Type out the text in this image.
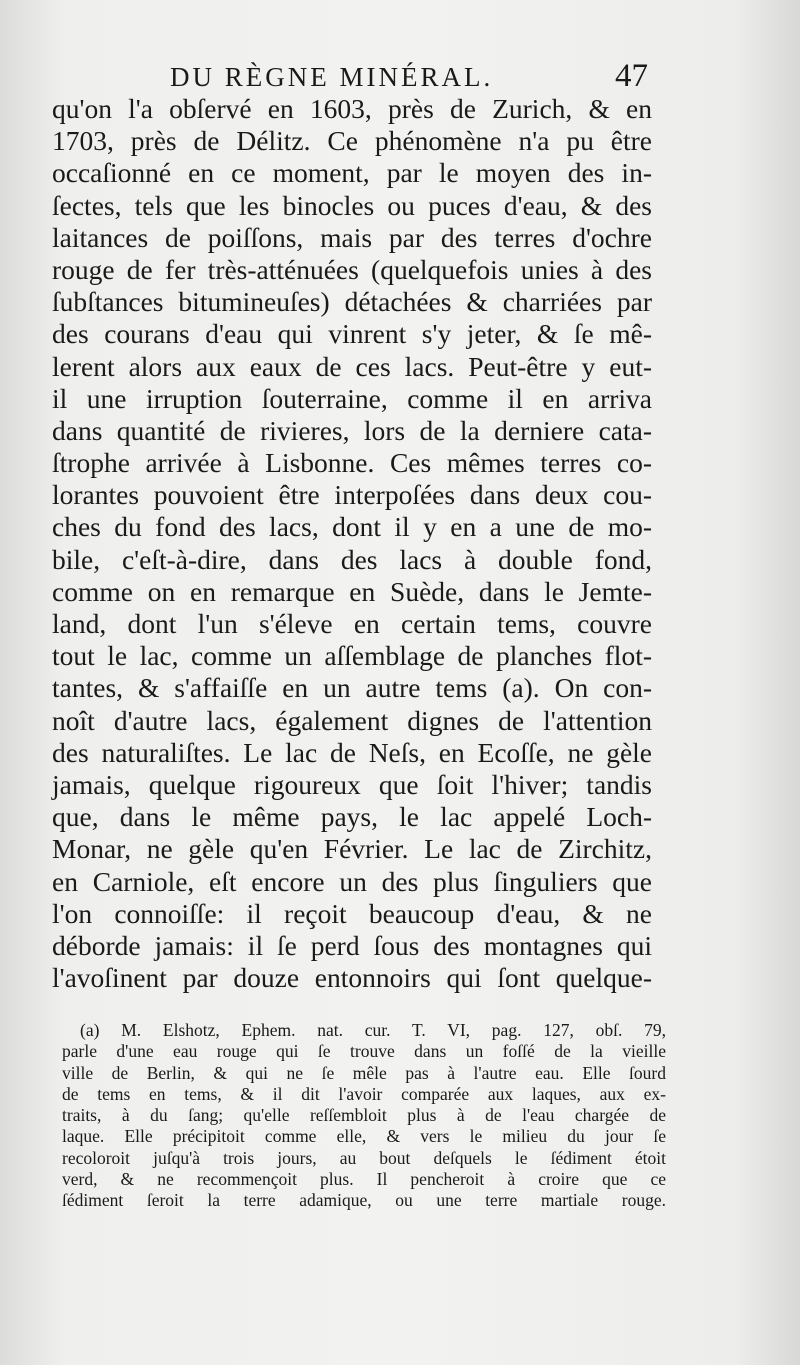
DU RÈGNE MINÉRAL.	47
qu'on l'a obſervé en 1603, près de Zurich, & en
1703, près de Délitz. Ce phénomène n'a pu être
occaſionné en ce moment, par le moyen des in-
ſectes, tels que les binocles ou puces d'eau, & des
laitances de poiſſons, mais par des terres d'ochre
rouge de fer très-atténuées (quelquefois unies à des
ſubſtances bitumineuſes) détachées & charriées par
des courans d'eau qui vinrent s'y jeter, & ſe mê-
lerent alors aux eaux de ces lacs. Peut-être y eut-
il une irruption ſouterraine, comme il en arriva
dans quantité de rivieres, lors de la derniere cata-
ſtrophe arrivée à Lisbonne. Ces mêmes terres co-
lorantes pouvoient être interpoſées dans deux cou-
ches du fond des lacs, dont il y en a une de mo-
bile, c'eſt-à-dire, dans des lacs à double fond,
comme on en remarque en Suède, dans le Jemte-
land, dont l'un s'éleve en certain tems, couvre
tout le lac, comme un aſſemblage de planches flot-
tantes, & s'affaiſſe en un autre tems (a). On con-
noît d'autre lacs, également dignes de l'attention
des naturaliſtes. Le lac de Neſs, en Ecoſſe, ne gèle
jamais, quelque rigoureux que ſoit l'hiver; tandis
que, dans le même pays, le lac appelé Loch-
Monar, ne gèle qu'en Février. Le lac de Zirchitz,
en Carniole, eſt encore un des plus ſinguliers que
l'on connoiſſe: il reçoit beaucoup d'eau, & ne
déborde jamais: il ſe perd ſous des montagnes qui
l'avoſinent par douze entonnoirs qui ſont quelque-
(a) M. Elshotz, Ephem. nat. cur. T. VI, pag. 127, obſ. 79,
parle d'une eau rouge qui ſe trouve dans un foſſé de la vieille
ville de Berlin, & qui ne ſe mêle pas à l'autre eau. Elle ſourd
de tems en tems, & il dit l'avoir comparée aux laques, aux ex-
traits, à du ſang; qu'elle reſſembloit plus à de l'eau chargée de
laque. Elle précipitoit comme elle, & vers le milieu du jour ſe
recoloroit juſqu'à trois jours, au bout deſquels le ſédiment étoit
verd, & ne recommençoit plus. Il pencheroit à croire que ce
ſédiment ſeroit la terre adamique, ou une terre martiale rouge.
